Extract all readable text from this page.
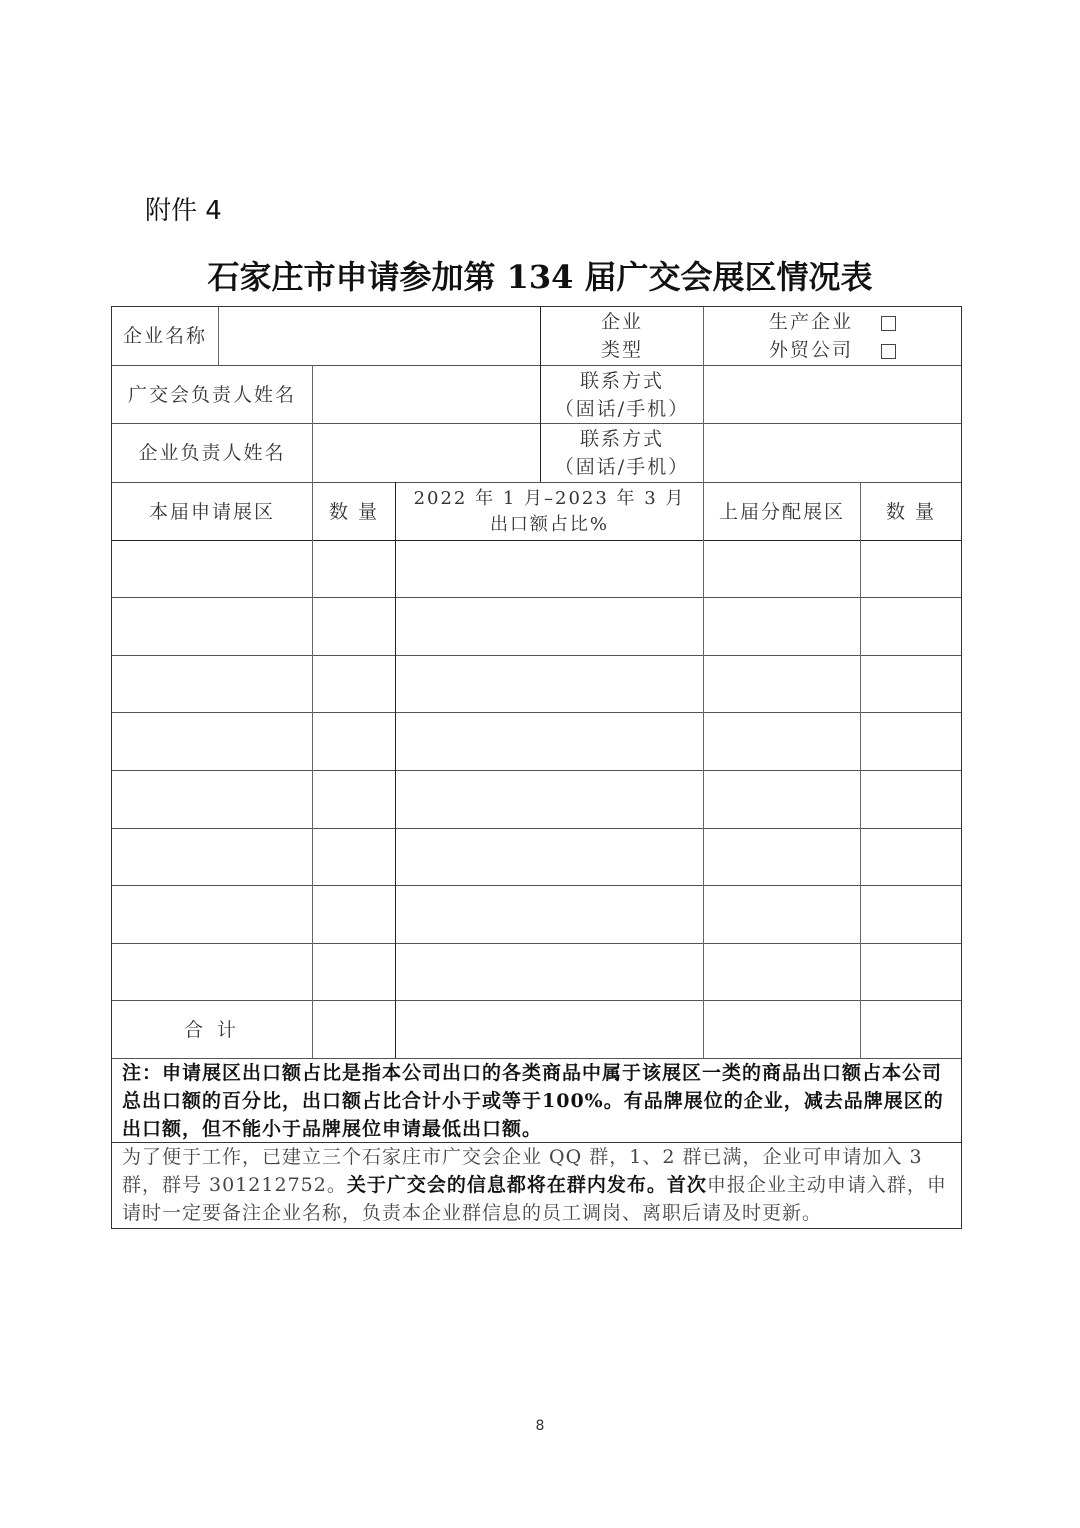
附件 4
石家庄市申请参加第 134 届广交会展区情况表
企业名称
企业
类型
生产企业
外贸公司
广交会负责人姓名
联系方式
（固话/手机）
企业负责人姓名
联系方式
（固话/手机）
本届申请展区	数 量
2022 年 1 月–2023 年 3 月
出口额占比%
上届分配展区	数 量
合 计
注：申请展区出口额占比是指本公司出口的各类商品中属于该展区一类的商品出口额占本公司总出口额的百分比，出口额占比合计小于或等于100%。有品牌展位的企业，减去品牌展区的出口额，但不能小于品牌展位申请最低出口额。
为了便于工作，已建立三个石家庄市广交会企业 QQ 群，1、2 群已满，企业可申请加入 3 群，群号 301212752。关于广交会的信息都将在群内发布。首次申报企业主动申请入群，申请时一定要备注企业名称，负责本企业群信息的员工调岗、离职后请及时更新。
8
